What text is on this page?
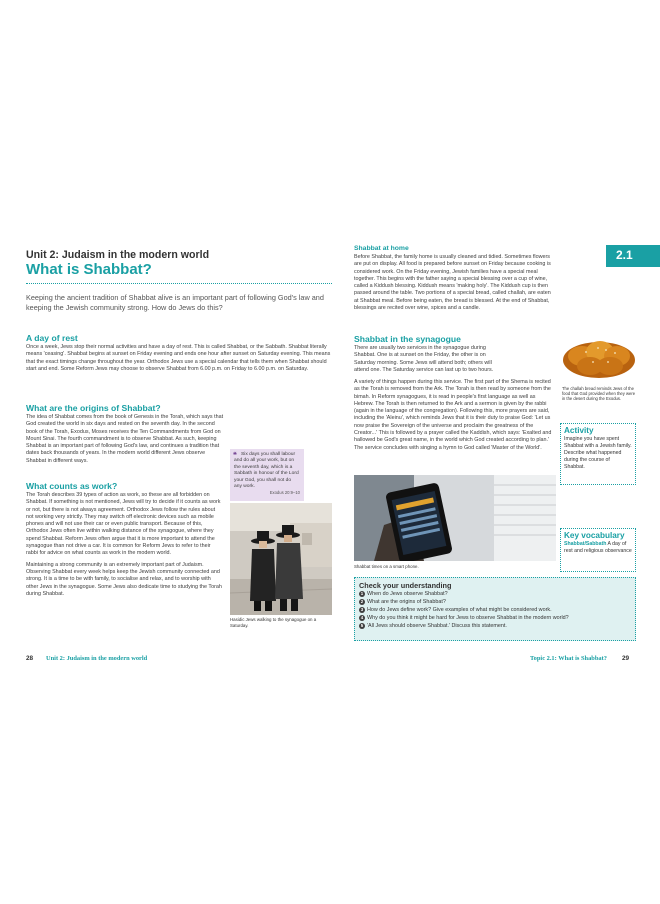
Unit 2: Judaism in the modern world
What is Shabbat?

Keeping the ancient tradition of Shabbat alive is an important part of following God's law and keeping the Jewish community strong. How do Jews do this?

A day of rest

Once a week, Jews stop their normal activities and have a day of rest. This is called Shabbat, or the Sabbath. Shabbat literally means 'ceasing'. Shabbat begins at sunset on Friday evening and ends one hour after sunset on Saturday evening. This means that the exact timings change throughout the year. Orthodox Jews use a special calendar that tells them when Shabbat should start and end. Some Reform Jews may choose to observe Shabbat from 6.00 p.m. on Friday to 6.00 p.m. on Saturday.

What are the origins of Shabbat?

The idea of Shabbat comes from the book of Genesis in the Torah, which says that God created the world in six days and rested on the seventh day. In the second book of the Torah, Exodus, Moses receives the Ten Commandments from God on Mount Sinai. The fourth commandment is to observe Shabbat. As such, keeping Shabbat is an important part of following God's law, and continues a tradition that dates back thousands of years. In the modern world different Jews observe Shabbat in different ways.

❝ Six days you shall labour and do all your work, but on the seventh day, which is a Sabbath in honour of the Lord your God, you shall not do any work.
Exodus 20:9–10

What counts as work?

The Torah describes 39 types of action as work, so these are all forbidden on Shabbat. If something is not mentioned, Jews will try to decide if it counts as work or not, but there is not always agreement. Orthodox Jews follow the rules about not working very strictly. They may switch off electronic devices such as mobile phones and will not use their car or even public transport. Because of this, Orthodox Jews often live within walking distance of the synagogue, where they spend Shabbat. Reform Jews often argue that it is more important to attend the synagogue than not drive a car. It is common for Reform Jews to refer to their rabbi for advice on what counts as work in the modern world.

Maintaining a strong community is an extremely important part of Judaism. Observing Shabbat every week helps keep the Jewish community connected and strong. It is a time to be with family, to socialise and relax, and to worship with other Jews in the synagogue. Some Jews also dedicate time to studying the Torah during Shabbat.

Hasidic Jews walking to the synagogue on a Saturday.
28 Unit 2: Judaism in the modern world
2.1

Shabbat at home

Before Shabbat, the family home is usually cleaned and tidied. Sometimes flowers are put on display. All food is prepared before sunset on Friday because cooking is considered work. On the Friday evening, Jewish families have a special meal together. This begins with the father saying a special blessing over a cup of wine, called a Kiddush blessing. Kiddush means 'making holy'. The Kiddush cup is then passed around the table. Two portions of a special bread, called challah, are eaten at Shabbat meal. Before being eaten, the bread is blessed. At the end of Shabbat, blessings are recited over wine, spices and a candle.

Shabbat in the synagogue

There are usually two services in the synagogue during Shabbat. One is at sunset on the Friday, the other is on Saturday morning. Some Jews will attend both; others will attend one. The Saturday service can last up to two hours.

A variety of things happen during this service. The first part of the Shema is recited as the Torah is removed from the Ark. The Torah is then read by someone from the bimah. In Reform synagogues, it is read in people's first language as well as Hebrew. The Torah is then returned to the Ark and a sermon is given by the rabbi (again in the language of the congregation). Following this, more prayers are said, including the 'Aleinu', which reminds Jews that it is their duty to praise God: 'Let us now praise the Sovereign of the universe and proclaim the greatness of the Creator...' This is followed by a prayer called the Kaddish, which says: 'Exalted and hallowed be God's great name, in the world which God created according to plan.' The service concludes with singing a hymn to God called 'Master of the World'.

The challah bread reminds Jews of the food that God provided when they were in the desert during the Exodus.
Activity
Imagine you have spent Shabbat with a Jewish family. Describe what happened during the course of Shabbat.
Shabbat times on a smart phone.
Key vocabulary
Shabbat/Sabbath A day of rest and religious observance
Check your understanding
1 When do Jews observe Shabbat?
2 What are the origins of Shabbat?
3 How do Jews define work? Give examples of what might be considered work.
4 Why do you think it might be hard for Jews to observe Shabbat in the modern world?
5 'All Jews should observe Shabbat.' Discuss this statement.
Topic 2.1: What is Shabbat? 29
